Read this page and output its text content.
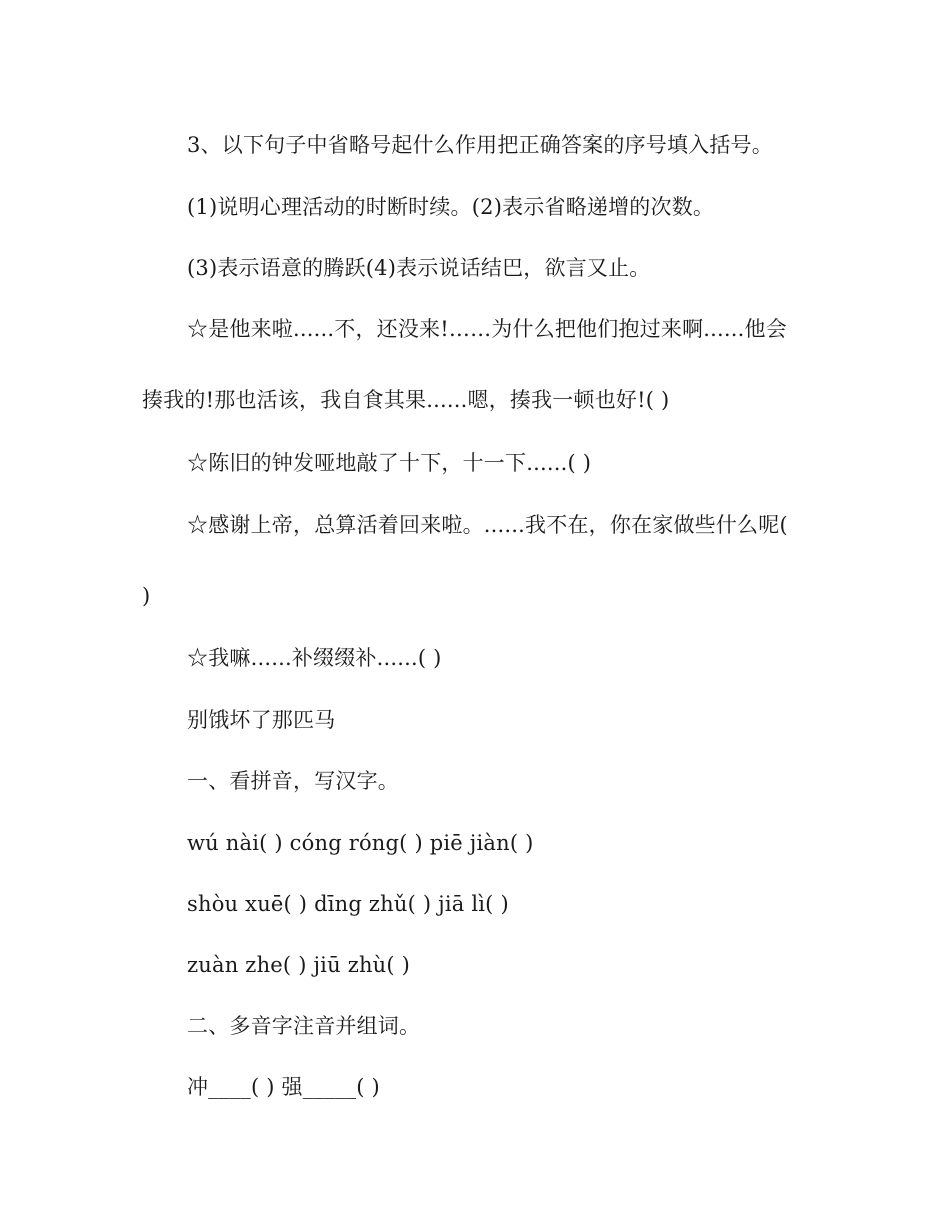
3、以下句子中省略号起什么作用把正确答案的序号填入括号。
(1)说明心理活动的时断时续。(2)表示省略递增的次数。
(3)表示语意的腾跃(4)表示说话结巴，欲言又止。
☆是他来啦......不，还没来!……为什么把他们抱过来啊......他会
揍我的!那也活该，我自食其果......嗯，揍我一顿也好!( )
☆陈旧的钟发哑地敲了十下，十一下......( )
☆感谢上帝，总算活着回来啦。......我不在，你在家做些什么呢(
)
☆我嘛......补缀缀补......( )
别饿坏了那匹马
一、看拼音，写汉字。
wú nài( ) cóng róng( ) piē jiàn( )
shòu xuē( ) dīng zhǔ( ) jiā lì( )
zuàn zhe( ) jiū zhù( )
二、多音字注音并组词。
冲____( ) 强_____( )
